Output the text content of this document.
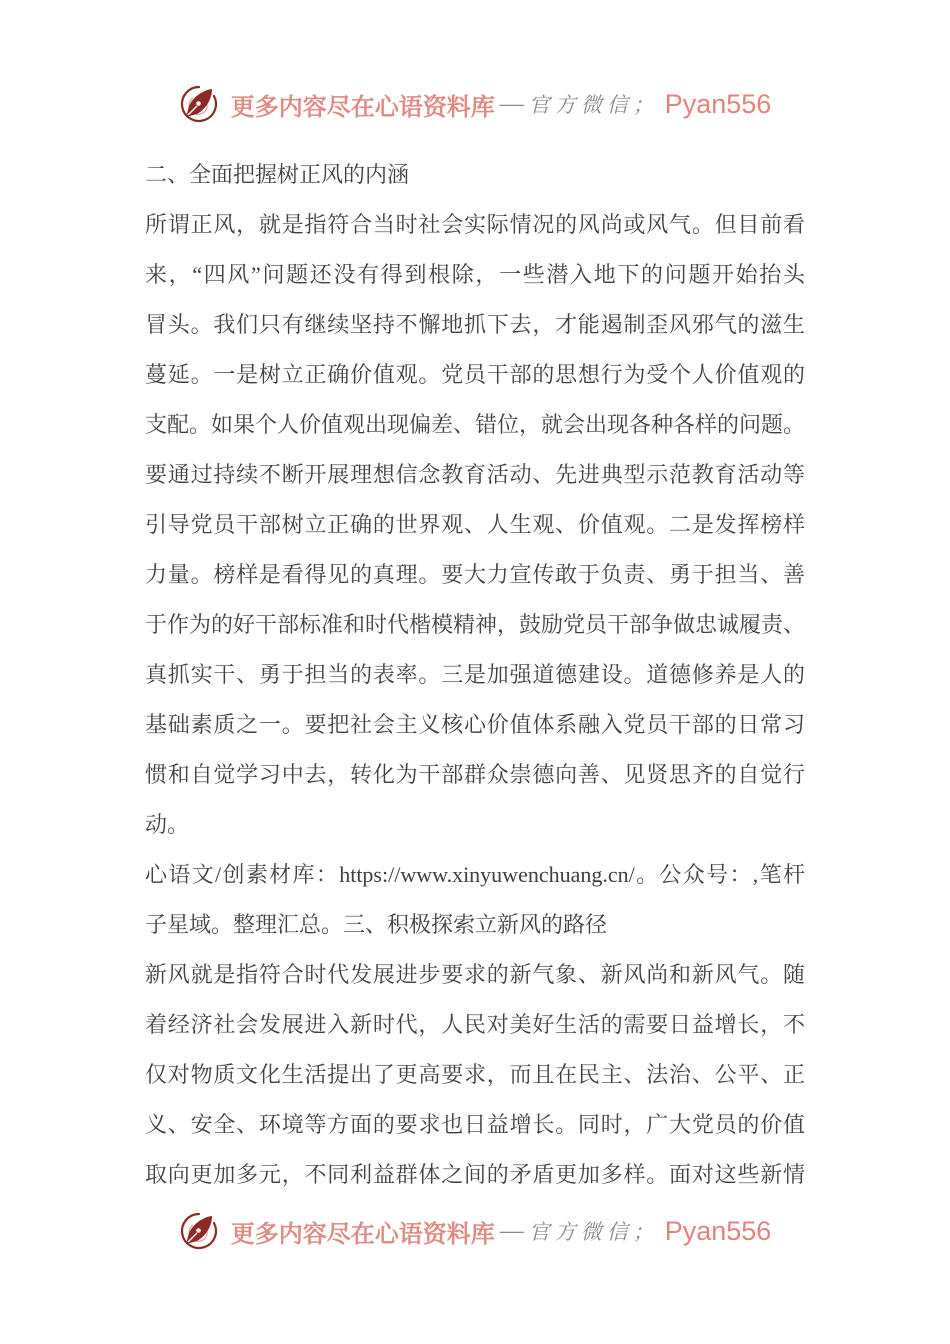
更多内容尽在心语资料库 — 官方微信； Pyan556
二、全面把握树正风的内涵
所谓正风，就是指符合当时社会实际情况的风尚或风气。但目前看
来，“四风”问题还没有得到根除，一些潜入地下的问题开始抬头
冒头。我们只有继续坚持不懈地抓下去，才能遏制歪风邪气的滋生
蔓延。一是树立正确价值观。党员干部的思想行为受个人价值观的
支配。如果个人价值观出现偏差、错位，就会出现各种各样的问题。
要通过持续不断开展理想信念教育活动、先进典型示范教育活动等
引导党员干部树立正确的世界观、人生观、价值观。二是发挥榜样
力量。榜样是看得见的真理。要大力宣传敢于负责、勇于担当、善
于作为的好干部标准和时代楷模精神，鼓励党员干部争做忠诚履责、
真抓实干、勇于担当的表率。三是加强道德建设。道德修养是人的
基础素质之一。要把社会主义核心价值体系融入党员干部的日常习
惯和自觉学习中去，转化为干部群众崇德向善、见贤思齐的自觉行
动。
心语文/创素材库：https://www.xinyuwenchuang.cn/。公众号：,笔杆
子星域。整理汇总。三、积极探索立新风的路径
新风就是指符合时代发展进步要求的新气象、新风尚和新风气。随
着经济社会发展进入新时代，人民对美好生活的需要日益增长，不
仅对物质文化生活提出了更高要求，而且在民主、法治、公平、正
义、安全、环境等方面的要求也日益增长。同时，广大党员的价值
取向更加多元，不同利益群体之间的矛盾更加多样。面对这些新情
更多内容尽在心语资料库 — 官方微信； Pyan556
